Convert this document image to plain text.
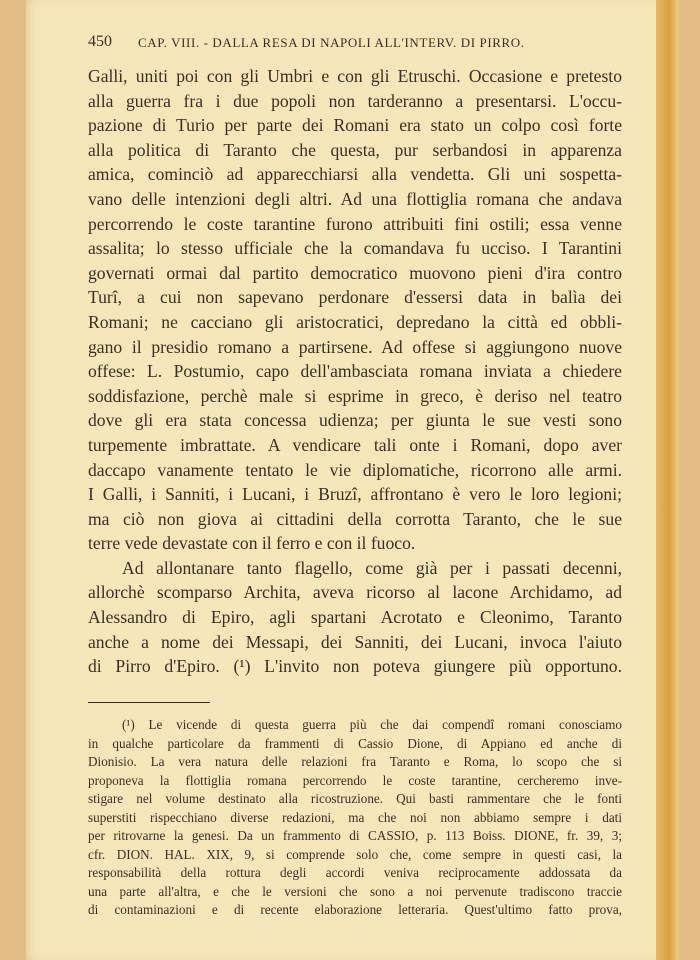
450 CAP. VIII. - DALLA RESA DI NAPOLI ALL'INTERV. DI PIRRO.
Galli, uniti poi con gli Umbri e con gli Etruschi. Occasione e pretesto
alla guerra fra i due popoli non tarderanno a presentarsi. L'occu-
pazione di Turio per parte dei Romani era stato un colpo così forte
alla politica di Taranto che questa, pur serbandosi in apparenza
amica, cominciò ad apparecchiarsi alla vendetta. Gli uni sospetta-
vano delle intenzioni degli altri. Ad una flottiglia romana che andava
percorrendo le coste tarantine furono attribuiti fini ostili; essa venne
assalita; lo stesso ufficiale che la comandava fu ucciso. I Tarantini
governati ormai dal partito democratico muovono pieni d'ira contro
Turî, a cui non sapevano perdonare d'essersi data in balìa dei
Romani; ne cacciano gli aristocratici, depredano la città ed obbli-
gano il presidio romano a partirsene. Ad offese si aggiungono nuove
offese: L. Postumio, capo dell'ambasciata romana inviata a chiedere
soddisfazione, perchè male si esprime in greco, è deriso nel teatro
dove gli era stata concessa udienza; per giunta le sue vesti sono
turpemente imbrattate. A vendicare tali onte i Romani, dopo aver
daccapo vanamente tentato le vie diplomatiche, ricorrono alle armi.
I Galli, i Sanniti, i Lucani, i Bruzî, affrontano è vero le loro legioni;
ma ciò non giova ai cittadini della corrotta Taranto, che le sue
terre vede devastate con il ferro e con il fuoco.
Ad allontanare tanto flagello, come già per i passati decenni,
allorchè scomparso Archita, aveva ricorso al lacone Archidamo, ad
Alessandro di Epiro, agli spartani Acrotato e Cleonimo, Taranto
anche a nome dei Messapi, dei Sanniti, dei Lucani, invoca l'aiuto
di Pirro d'Epiro. (¹) L'invito non poteva giungere più opportuno.
(¹) Le vicende di questa guerra più che dai compendî romani conosciamo
in qualche particolare da frammenti di Cassio Dione, di Appiano ed anche di
Dionisio. La vera natura delle relazioni fra Taranto e Roma, lo scopo che si
proponeva la flottiglia romana percorrendo le coste tarantine, cercheremo inve-
stigare nel volume destinato alla ricostruzione. Qui basti rammentare che le fonti
superstiti rispecchiano diverse redazioni, ma che noi non abbiamo sempre i dati
per ritrovarne la genesi. Da un frammento di CASSIO, p. 113 Boiss. DIONE, fr. 39, 3;
cfr. DION. HAL. XIX, 9, si comprende solo che, come sempre in questi casi, la
responsabilità della rottura degli accordi veniva reciprocamente addossata da
una parte all'altra, e che le versioni che sono a noi pervenute tradiscono traccie
di contaminazioni e di recente elaborazione letteraria. Quest'ultimo fatto prova,
